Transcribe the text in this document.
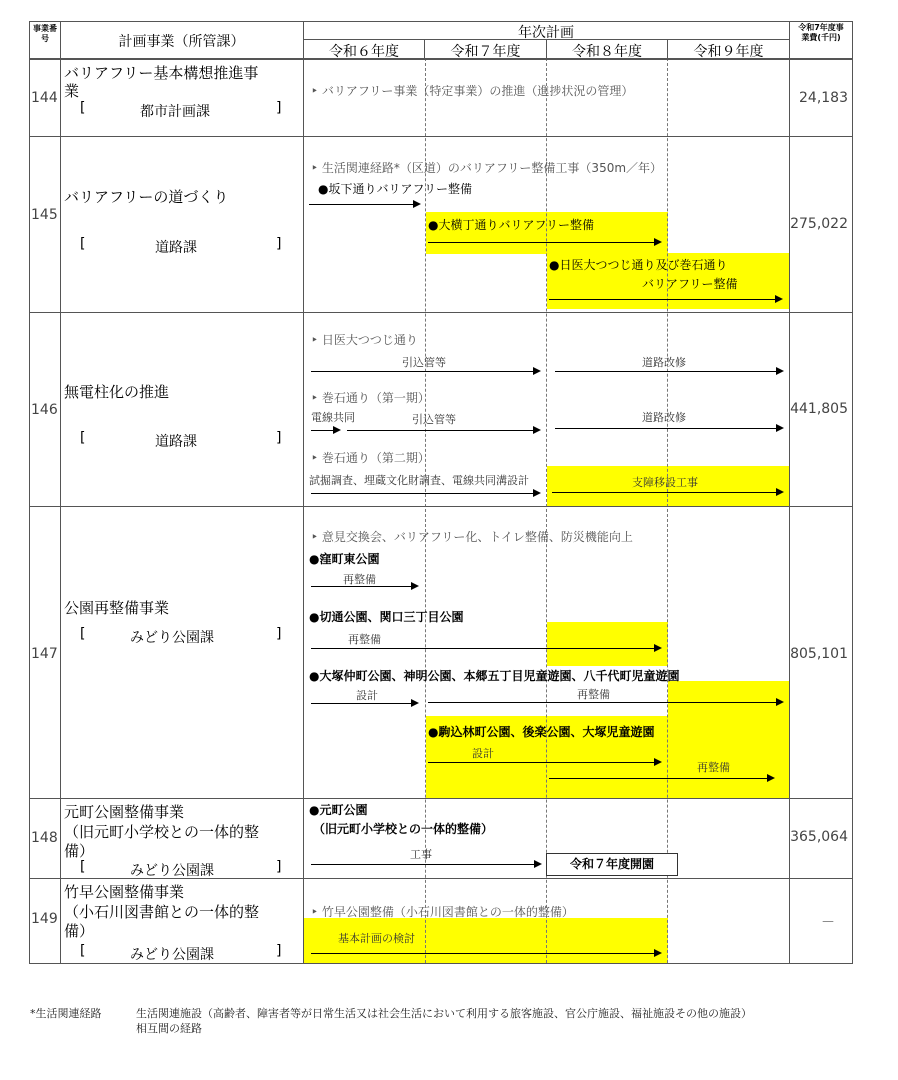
事業番号	計画事業（所管課）
年次計画
令和６年度	令和７年度	令和８年度	令和９年度
令和7年度事業費(千円)
144
バリアフリー基本構想推進事
業
[	都市計画課	]
‣ バリアフリー事業（特定事業）の推進（進捗状況の管理）	24,183
145
バリアフリーの道づくり
[	道路課	]
‣ 生活関連経路*（区道）のバリアフリー整備工事（350m／年）
●坂下通りバリアフリー整備
●大横丁通りバリアフリー整備
●日医大つつじ通り及び巻石通り
バリアフリー整備
275,022
146
無電柱化の推進
[	道路課	]
‣ 日医大つつじ通り
引込管等	道路改修
‣ 巻石通り（第一期）
電線共同	引込管等	道路改修
‣ 巻石通り（第二期）
試掘調査、埋蔵文化財調査、電線共同溝設計	支障移設工事
441,805
147
公園再整備事業
[	みどり公園課	]
‣ 意見交換会、バリアフリー化、トイレ整備、防災機能向上
●窪町東公園
再整備
●切通公園、関口三丁目公園
再整備
●大塚仲町公園、神明公園、本郷五丁目児童遊園、八千代町児童遊園
設計	再整備
●駒込林町公園、後楽公園、大塚児童遊園
設計
再整備
805,101
148
元町公園整備事業
（旧元町小学校との一体的整
備）
[	みどり公園課	]
●元町公園
（旧元町小学校との一体的整備）
工事
令和７年度開園
365,064
149
竹早公園整備事業
（小石川図書館との一体的整
備）
[	みどり公園課	]
‣ 竹早公園整備（小石川図書館との一体的整備）
基本計画の検討
－
*生活関連経路	生活関連施設（高齢者、障害者等が日常生活又は社会生活において利用する旅客施設、官公庁施設、福祉施設その他の施設）
相互間の経路
